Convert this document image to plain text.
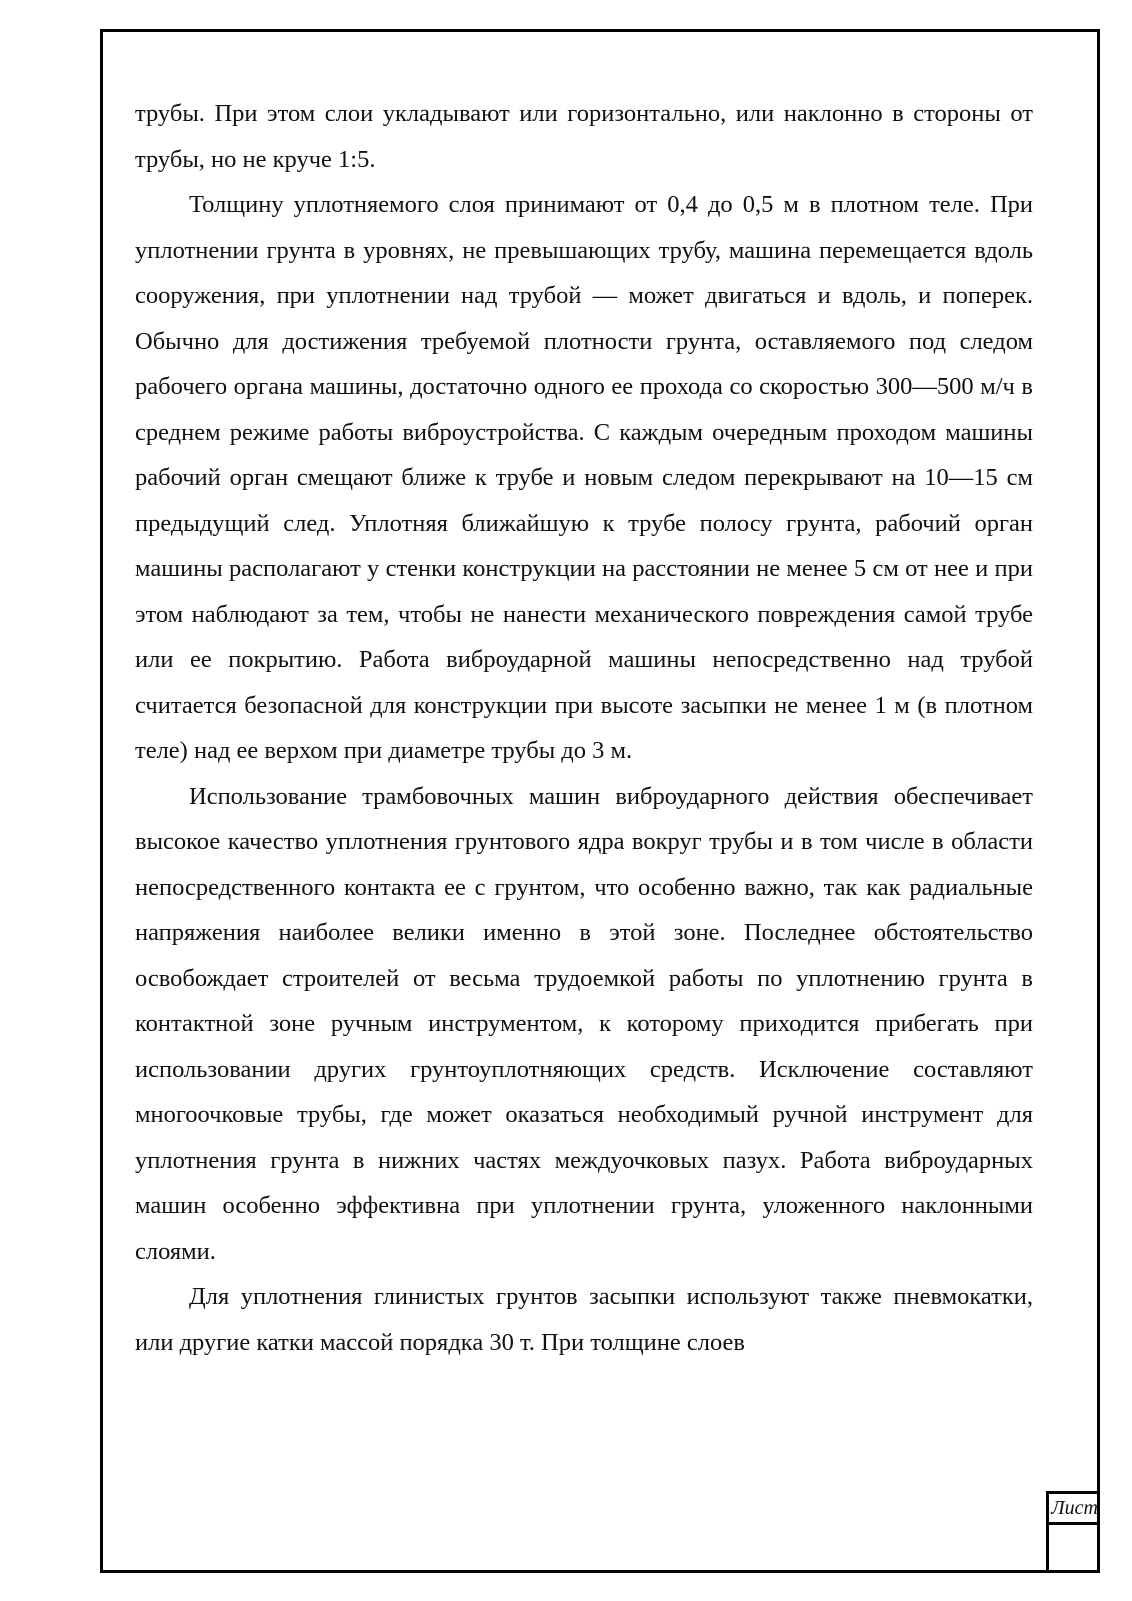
трубы. При этом слои укладывают или горизонтально, или наклонно в стороны от трубы, но не круче 1:5.

Толщину уплотняемого слоя принимают от 0,4 до 0,5 м в плотном теле. При уплотнении грунта в уровнях, не превышающих трубу, машина перемещается вдоль сооружения, при уплотнении над трубой — может двигаться и вдоль, и поперек. Обычно для достижения требуемой плотности грунта, оставляемого под следом рабочего органа машины, достаточно одного ее прохода со скоростью 300—500 м/ч в среднем режиме работы виброустройства. С каждым очередным проходом машины рабочий орган смещают ближе к трубе и новым следом перекрывают на 10—15 см предыдущий след. Уплотняя ближайшую к трубе полосу грунта, рабочий орган машины располагают у стенки конструкции на расстоянии не менее 5 см от нее и при этом наблюдают за тем, чтобы не нанести механического повреждения самой трубе или ее покрытию. Работа виброударной машины непосредственно над трубой считается безопасной для конструкции при высоте засыпки не менее 1 м (в плотном теле) над ее верхом при диаметре трубы до 3 м.

Использование трамбовочных машин виброударного действия обеспечивает высокое качество уплотнения грунтового ядра вокруг трубы и в том числе в области непосредственного контакта ее с грунтом, что особенно важно, так как радиальные напряжения наиболее велики именно в этой зоне. Последнее обстоятельство освобождает строителей от весьма трудоемкой работы по уплотнению грунта в контактной зоне ручным инструментом, к которому приходится прибегать при использовании других грунтоуплотняющих средств. Исключение составляют многоочковые трубы, где может оказаться необходимый ручной инструмент для уплотнения грунта в нижних частях междуочковых пазух. Работа виброударных машин особенно эффективна при уплотнении грунта, уложенного наклонными слоями.

Для уплотнения глинистых грунтов засыпки используют также пневмокатки, или другие катки массой порядка 30 т. При толщине слоев

Лист
